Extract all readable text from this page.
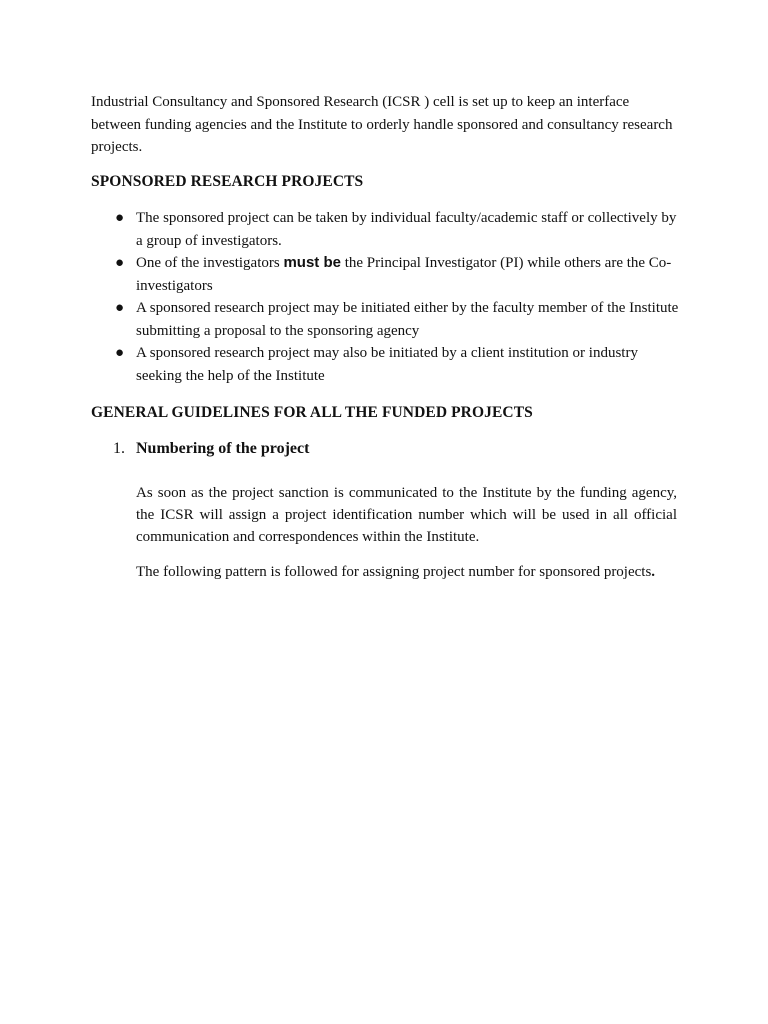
Industrial Consultancy and Sponsored Research (ICSR ) cell is set up to keep an interface between funding agencies and the Institute to orderly handle sponsored and consultancy research projects.

SPONSORED RESEARCH PROJECTS
● The sponsored project can be taken by individual faculty/academic staff or collectively by a group of investigators.
● One of the investigators must be the Principal Investigator (PI) while others are the Co-investigators
● A sponsored research project may be initiated either by the faculty member of the Institute submitting a proposal to the sponsoring agency
● A sponsored research project may also be initiated by a client institution or industry seeking the help of the Institute
GENERAL GUIDELINES FOR ALL THE FUNDED PROJECTS

1. Numbering of the project

As soon as the project sanction is communicated to the Institute by the funding agency, the ICSR will assign a project identification number which will be used in all official communication and correspondences within the Institute.

The following pattern is followed for assigning project number for sponsored projects.
